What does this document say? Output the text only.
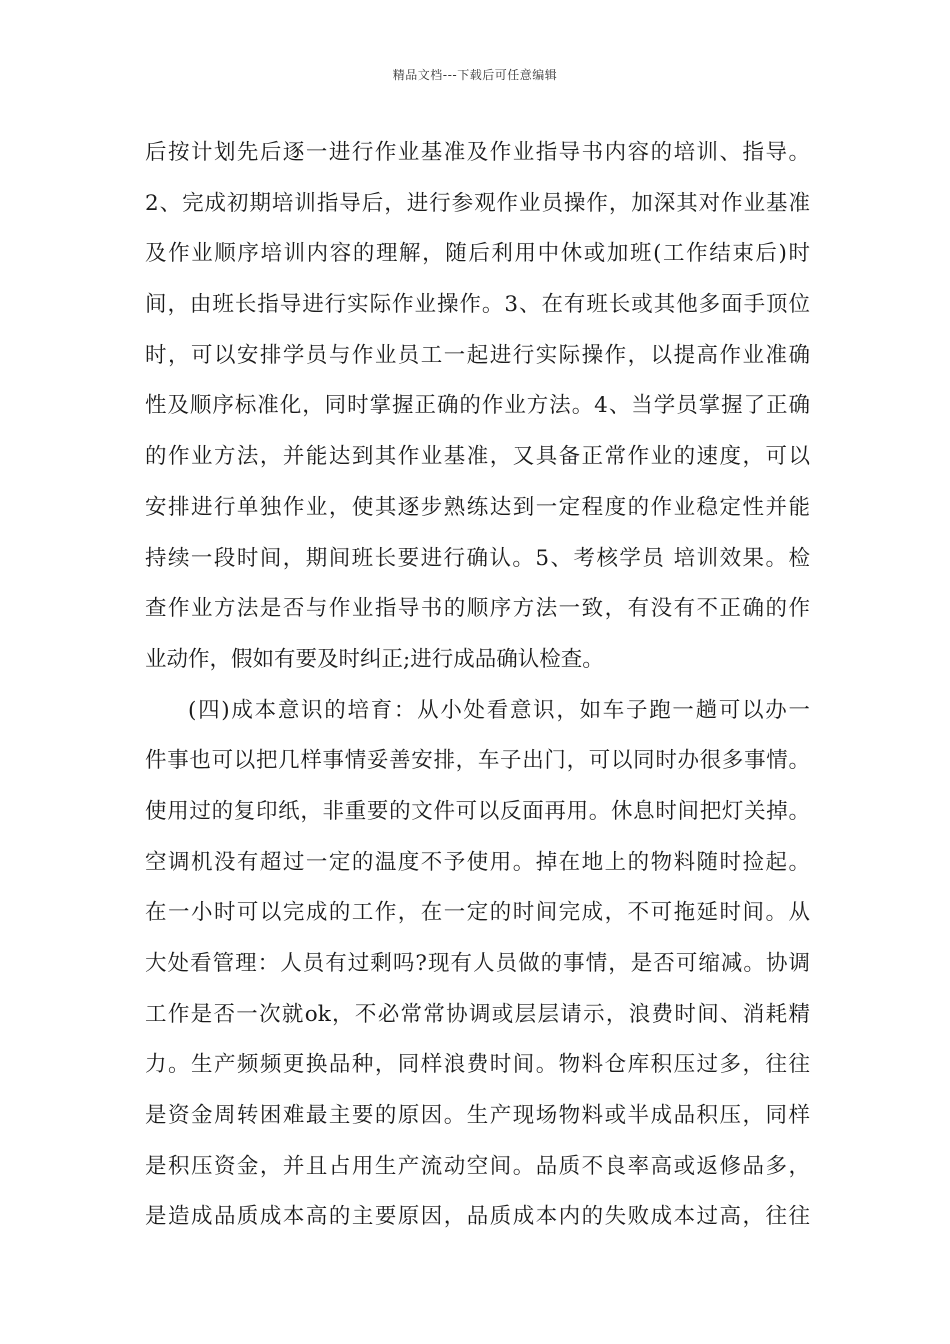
精品文档---下载后可任意编辑
后按计划先后逐一进行作业基准及作业指导书内容的培训、指导。
2、完成初期培训指导后，进行参观作业员操作，加深其对作业基准
及作业顺序培训内容的理解，随后利用中休或加班(工作结束后)时
间，由班长指导进行实际作业操作。3、在有班长或其他多面手顶位
时，可以安排学员与作业员工一起进行实际操作，以提高作业准确
性及顺序标准化，同时掌握正确的作业方法。4、当学员掌握了正确
的作业方法，并能达到其作业基准，又具备正常作业的速度，可以
安排进行单独作业，使其逐步熟练达到一定程度的作业稳定性并能
持续一段时间，期间班长要进行确认。5、考核学员 培训效果。检
查作业方法是否与作业指导书的顺序方法一致，有没有不正确的作
业动作，假如有要及时纠正;进行成品确认检查。
(四)成本意识的培育：从小处看意识，如车子跑一趟可以办一
件事也可以把几样事情妥善安排，车子出门，可以同时办很多事情。
使用过的复印纸，非重要的文件可以反面再用。休息时间把灯关掉。
空调机没有超过一定的温度不予使用。掉在地上的物料随时捡起。
在一小时可以完成的工作，在一定的时间完成，不可拖延时间。从
大处看管理：人员有过剩吗?现有人员做的事情，是否可缩减。协调
工作是否一次就ok，不必常常协调或层层请示，浪费时间、消耗精
力。生产频频更换品种，同样浪费时间。物料仓库积压过多，往往
是资金周转困难最主要的原因。生产现场物料或半成品积压，同样
是积压资金，并且占用生产流动空间。品质不良率高或返修品多，
是造成品质成本高的主要原因，品质成本内的失败成本过高，往往
